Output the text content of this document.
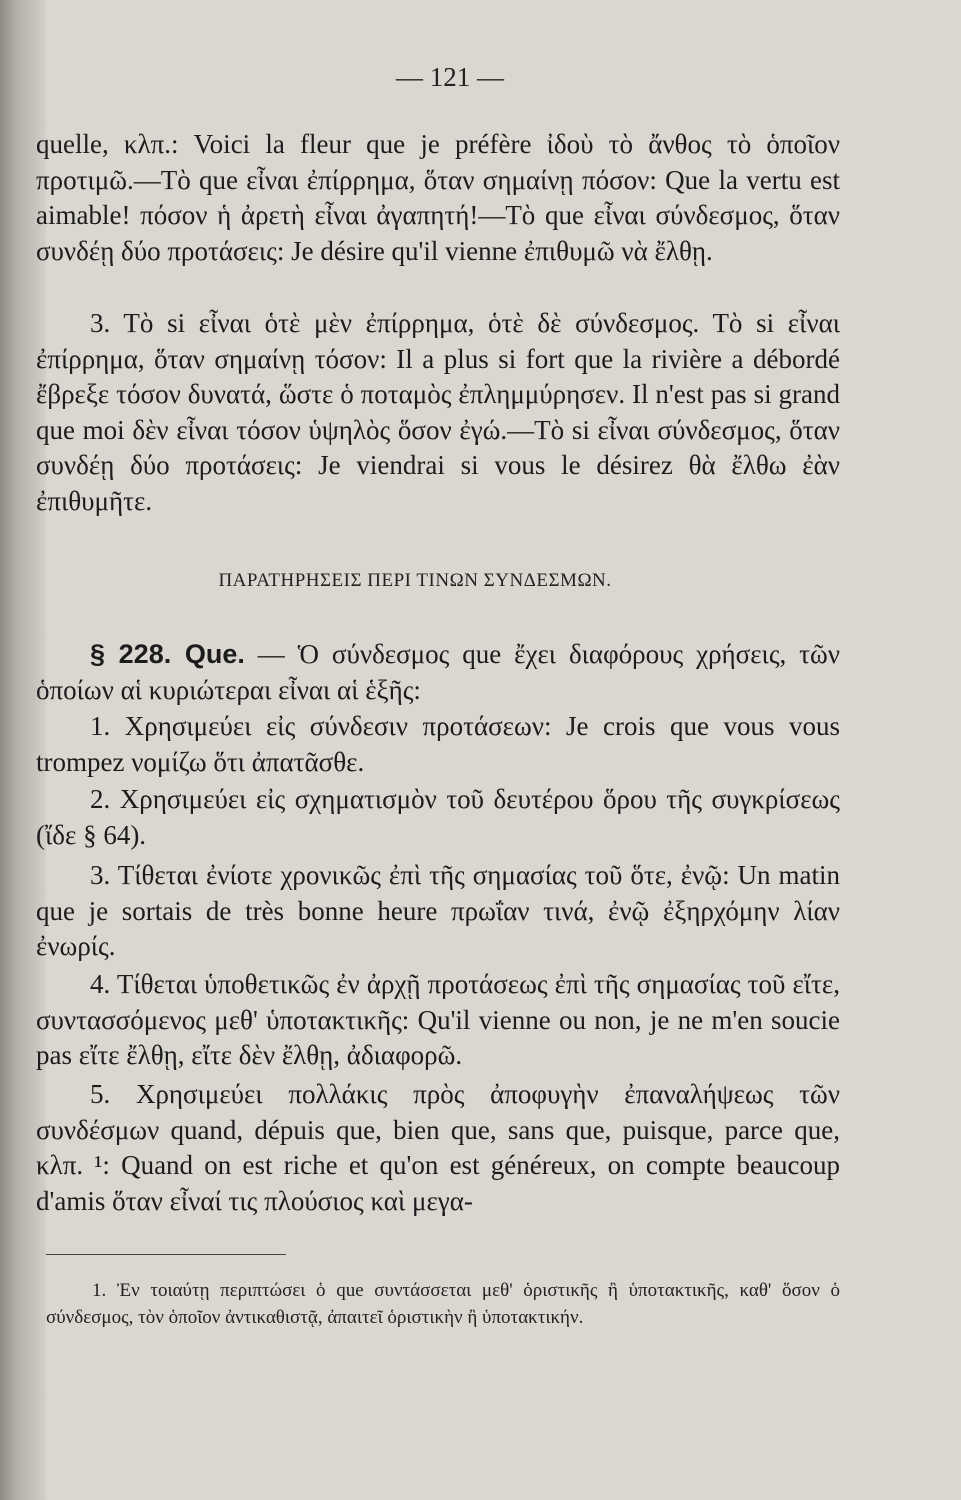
— 121 —

quelle, κλπ.: Voici la fleur que je préfère ἰδοὺ τὸ ἄνθος τὸ ὁποῖον προτιμῶ.—Τὸ que εἶναι ἐπίρρημα, ὅταν σημαίνῃ πόσον: Que la vertu est aimable! πόσον ἡ ἀρετὴ εἶναι ἀγαπητή!—Τὸ que εἶναι σύνδεσμος, ὅταν συνδέῃ δύο προτάσεις: Je désire qu'il vienne ἐπιθυμῶ νὰ ἔλθῃ.

3. Τὸ si εἶναι ὁτὲ μὲν ἐπίρρημα, ὁτὲ δὲ σύνδεσμος. Τὸ si εἶναι ἐπίρρημα, ὅταν σημαίνῃ τόσον: Il a plus si fort que la rivière a débordé ἔβρεξε τόσον δυνατά, ὥστε ὁ ποταμὸς ἐπλημμύρησεν. Il n'est pas si grand que moi δὲν εἶναι τόσον ὑψηλὸς ὅσον ἐγώ.—Τὸ si εἶναι σύνδεσμος, ὅταν συνδέῃ δύο προτάσεις: Je viendrai si vous le désirez θὰ ἔλθω ἐὰν ἐπιθυμῆτε.

ΠΑΡΑΤΗΡΗΣΕΙΣ ΠΕΡΙ ΤΙΝΩΝ ΣΥΝΔΕΣΜΩΝ.

§ 228. Que. — Ὁ σύνδεσμος que ἔχει διαφόρους χρήσεις, τῶν ὁποίων αἱ κυριώτεραι εἶναι αἱ ἑξῆς:

1. Χρησιμεύει εἰς σύνδεσιν προτάσεων: Je crois que vous vous trompez νομίζω ὅτι ἀπατᾶσθε.

2. Χρησιμεύει εἰς σχηματισμὸν τοῦ δευτέρου ὅρου τῆς συγκρίσεως (ἴδε § 64).

3. Τίθεται ἐνίοτε χρονικῶς ἐπὶ τῆς σημασίας τοῦ ὅτε, ἐνῷ: Un matin que je sortais de très bonne heure πρωΐαν τινά, ἐνῷ ἐξηρχόμην λίαν ἐνωρίς.

4. Τίθεται ὑποθετικῶς ἐν ἀρχῇ προτάσεως ἐπὶ τῆς σημασίας τοῦ εἴτε, συντασσόμενος μεθ' ὑποτακτικῆς: Qu'il vienne ou non, je ne m'en soucie pas εἴτε ἔλθῃ, εἴτε δὲν ἔλθῃ, ἀδιαφορῶ.

5. Χρησιμεύει πολλάκις πρὸς ἀποφυγὴν ἐπαναλήψεως τῶν συνδέσμων quand, dépuis que, bien que, sans que, puisque, parce que, κλπ. ¹: Quand on est riche et qu'on est généreux, on compte beaucoup d'amis ὅταν εἶναί τις πλούσιος καὶ μεγα-

1. Ἐν τοιαύτῃ περιπτώσει ὁ que συντάσσεται μεθ' ὁριστικῆς ἢ ὑποτακτικῆς, καθ' ὅσον ὁ σύνδεσμος, τὸν ὁποῖον ἀντικαθιστᾷ, ἀπαιτεῖ ὁριστικὴν ἢ ὑποτακτικήν.
